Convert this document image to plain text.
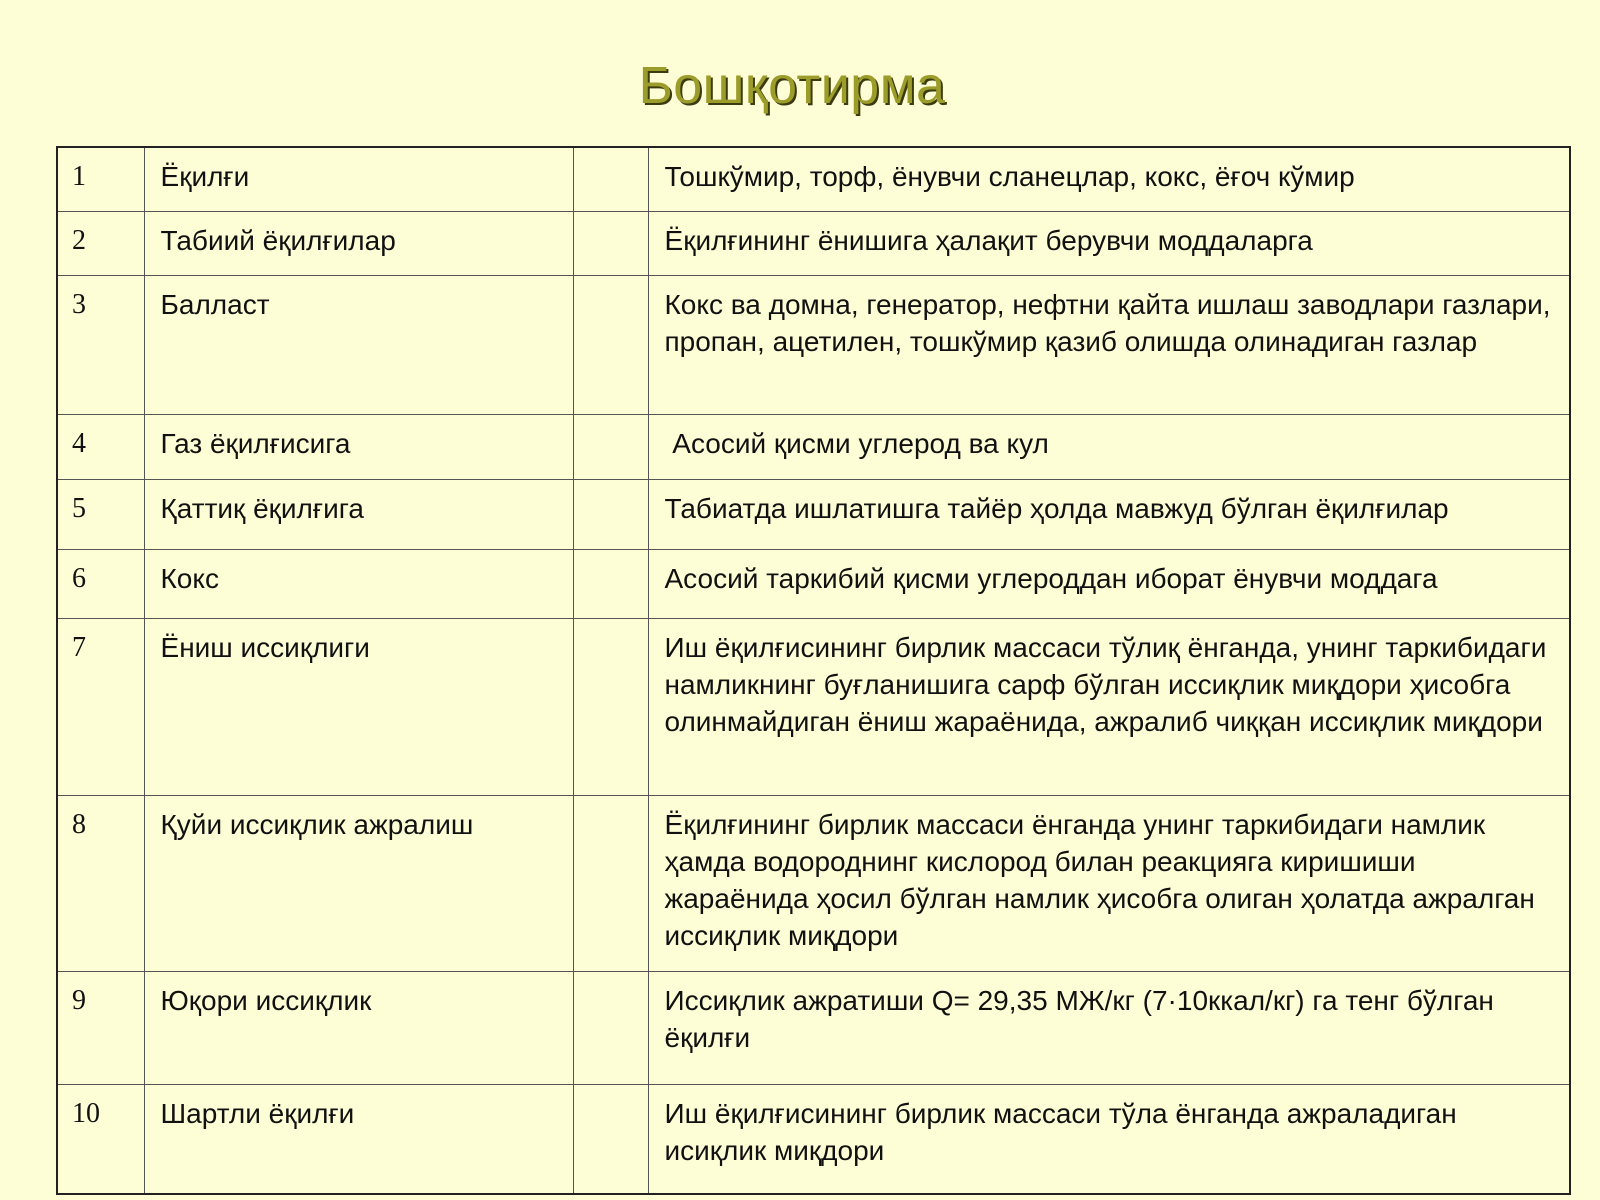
Бошқотирма
1	Ёқилғи		Тошкўмир, торф, ёнувчи сланецлар, кокс, ёғоч кўмир
2	Табиий ёқилғилар		Ёқилғининг ёнишига ҳалақит берувчи моддаларга
3	Балласт		Кокс ва домна, генератор, нефтни қайта ишлаш заводлари газлари, пропан, ацетилен, тошкўмир қазиб олишда олинадиган газлар
4	Газ ёқилғисига		Асосий қисми углерод ва кул
5	Қаттиқ ёқилғига		Табиатда ишлатишга тайёр ҳолда мавжуд бўлган ёқилғилар
6	Кокс		Асосий таркибий қисми углероддан иборат ёнувчи моддага
7	Ёниш иссиқлиги		Иш ёқилғисининг бирлик массаси тўлиқ ёнганда, унинг таркибидаги намликнинг буғланишига сарф бўлган иссиқлик миқдори ҳисобга олинмайдиган ёниш жараёнида, ажралиб чиққан иссиқлик миқдори
8	Қуйи иссиқлик ажралиш		Ёқилғининг бирлик массаси ёнганда унинг таркибидаги намлик ҳамда водороднинг кислород билан реакцияга киришиши жараёнида ҳосил бўлган намлик ҳисобга олиган ҳолатда ажралган иссиқлик миқдори
9	Юқори иссиқлик		Иссиқлик ажратиши Q= 29,35 МЖ/кг (7·10ккал/кг) га тенг бўлган ёқилғи
10	Шартли ёқилғи		Иш ёқилғисининг бирлик массаси тўла ёнганда ажраладиган исиқлик миқдори
